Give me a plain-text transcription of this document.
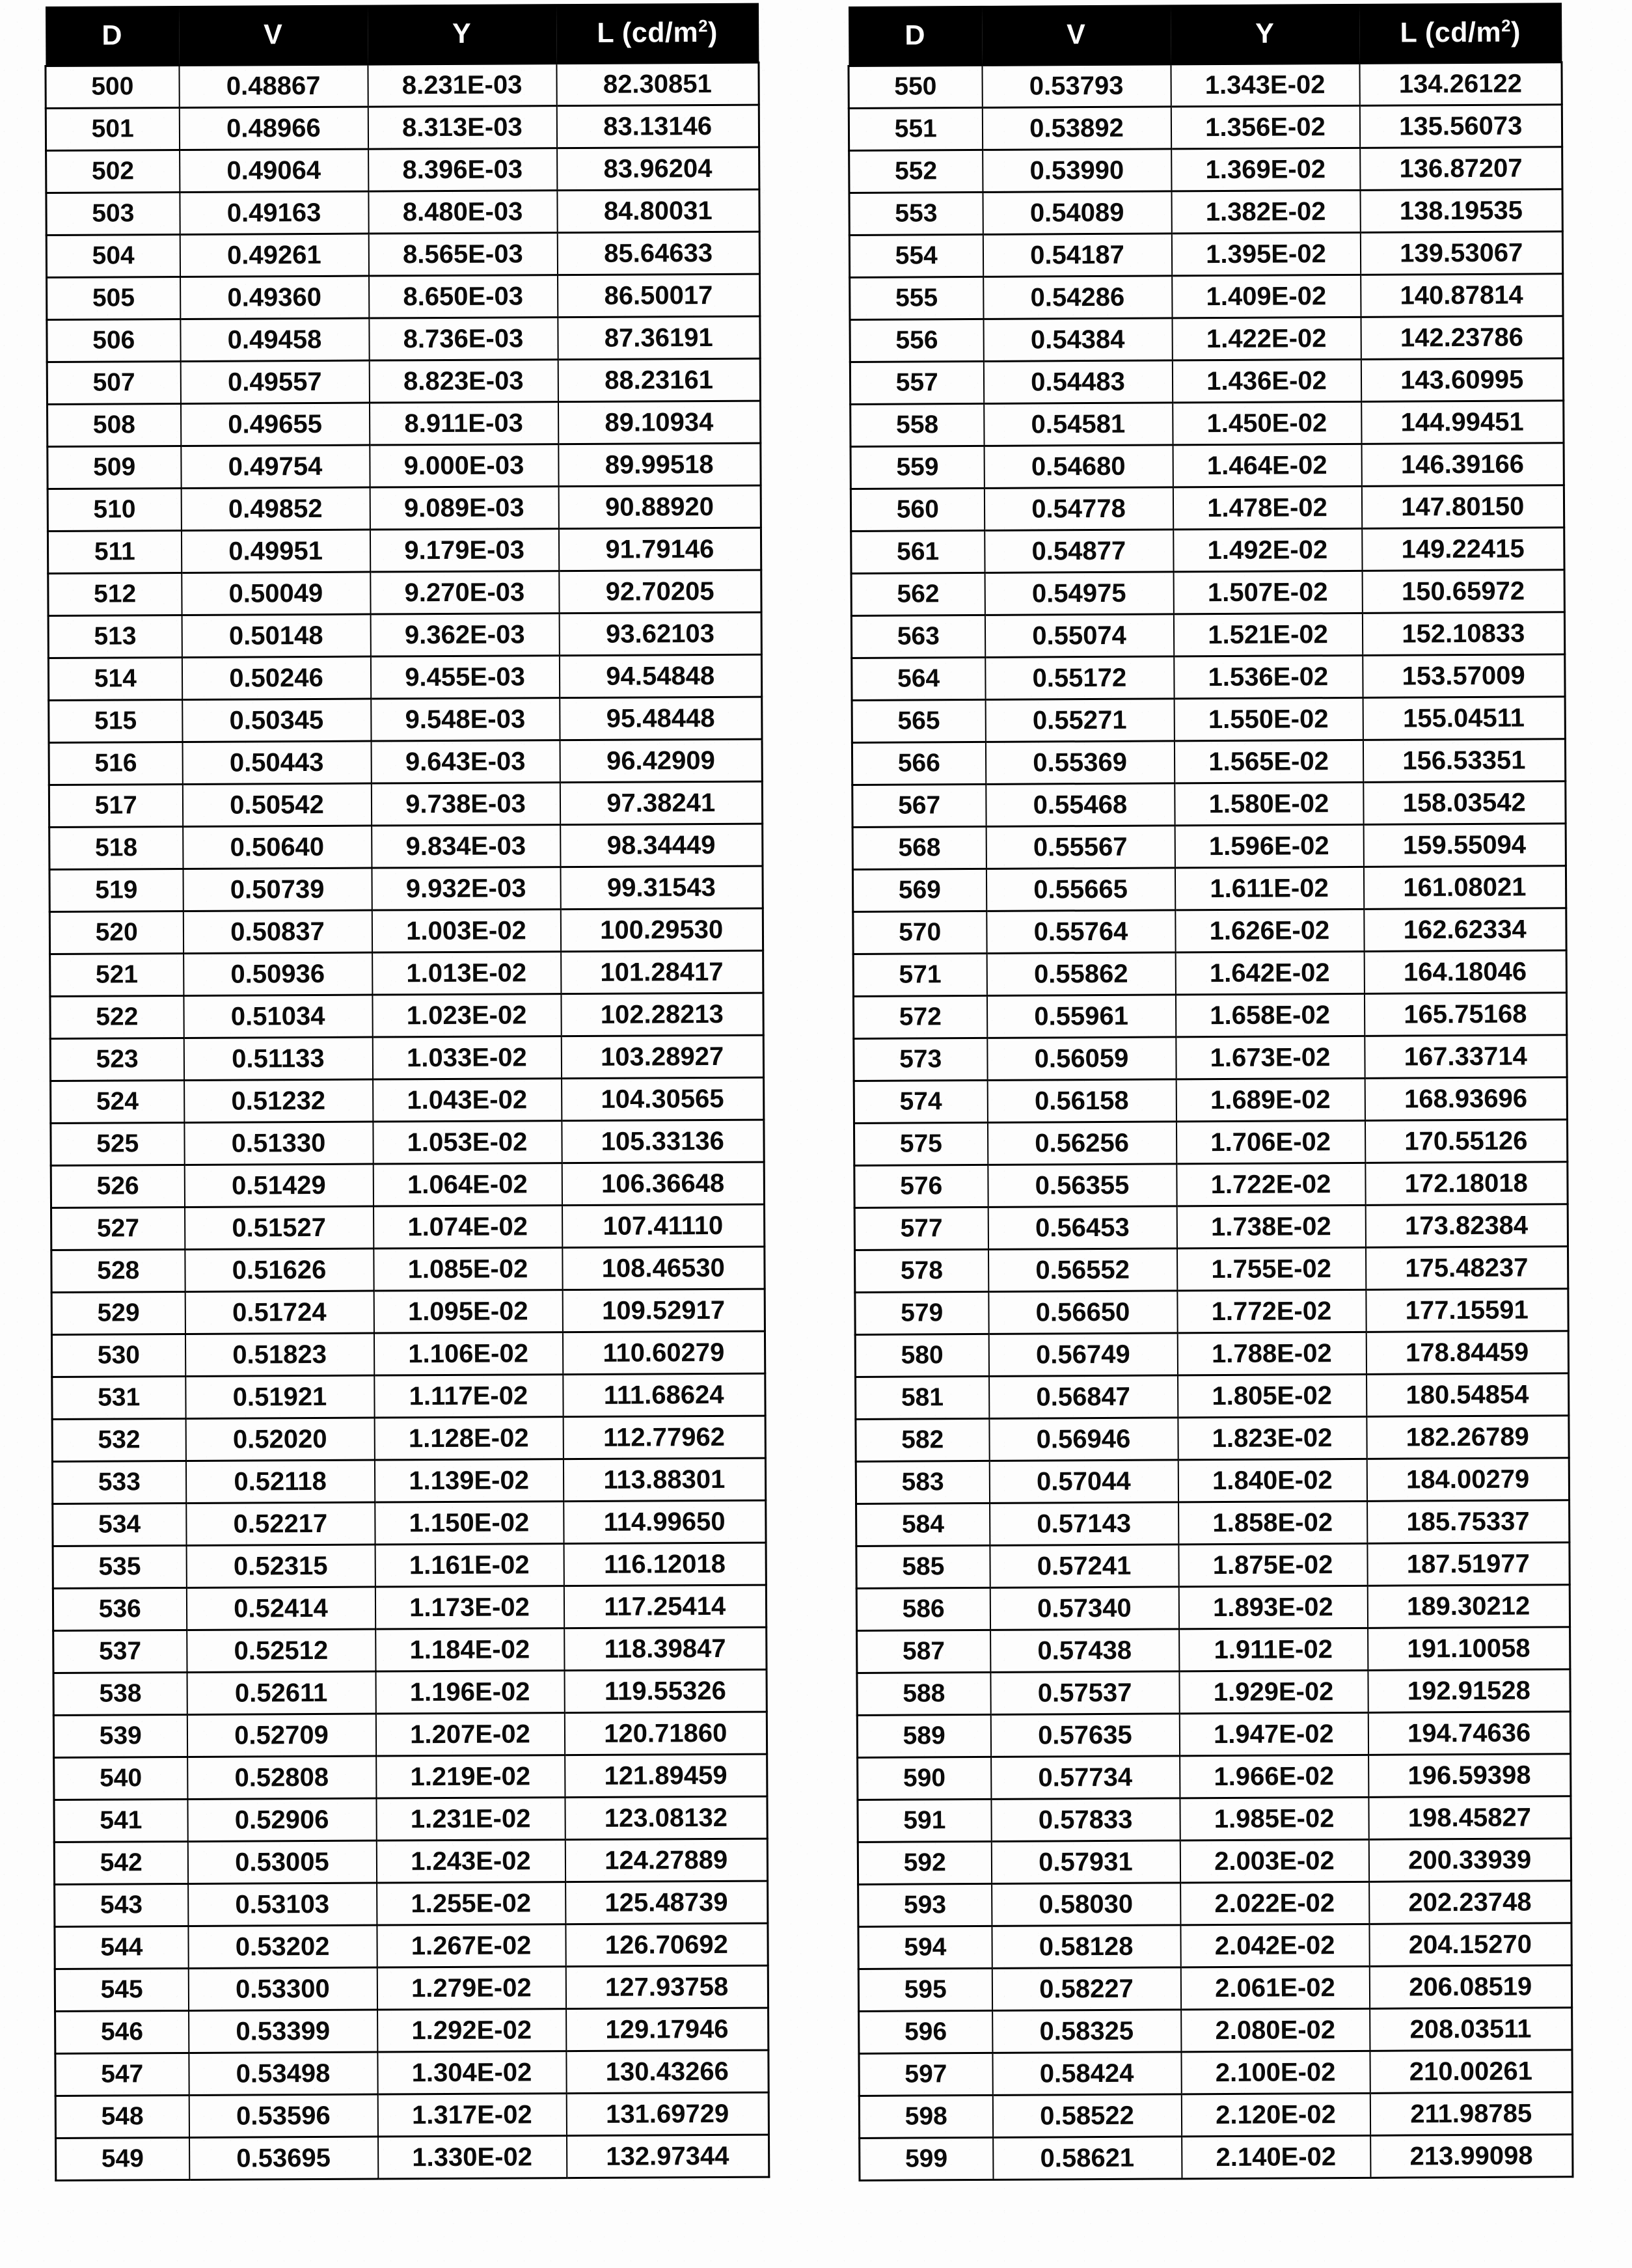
D	V	Y	L $(cd/m^2)$
500	0.48867	8.231E-03	82.30851
501	0.48966	8.313E-03	83.13146
502	0.49064	8.396E-03	83.96204
503	0.49163	8.480E-03	84.80031
504	0.49261	8.565E-03	85.64633
505	0.49360	8.650E-03	86.50017
506	0.49458	8.736E-03	87.36191
507	0.49557	8.823E-03	88.23161
508	0.49655	8.911E-03	89.10934
509	0.49754	9.000E-03	89.99518
510	0.49852	9.089E-03	90.88920
511	0.49951	9.179E-03	91.79146
512	0.50049	9.270E-03	92.70205
513	0.50148	9.362E-03	93.62103
514	0.50246	9.455E-03	94.54848
515	0.50345	9.548E-03	95.48448
516	0.50443	9.643E-03	96.42909
517	0.50542	9.738E-03	97.38241
518	0.50640	9.834E-03	98.34449
519	0.50739	9.932E-03	99.31543
520	0.50837	1.003E-02	100.29530
521	0.50936	1.013E-02	101.28417
522	0.51034	1.023E-02	102.28213
523	0.51133	1.033E-02	103.28927
524	0.51232	1.043E-02	104.30565
525	0.51330	1.053E-02	105.33136
526	0.51429	1.064E-02	106.36648
527	0.51527	1.074E-02	107.41110
528	0.51626	1.085E-02	108.46530
529	0.51724	1.095E-02	109.52917
530	0.51823	1.106E-02	110.60279
531	0.51921	1.117E-02	111.68624
532	0.52020	1.128E-02	112.77962
533	0.52118	1.139E-02	113.88301
534	0.52217	1.150E-02	114.99650
535	0.52315	1.161E-02	116.12018
536	0.52414	1.173E-02	117.25414
537	0.52512	1.184E-02	118.39847
538	0.52611	1.196E-02	119.55326
539	0.52709	1.207E-02	120.71860
540	0.52808	1.219E-02	121.89459
541	0.52906	1.231E-02	123.08132
542	0.53005	1.243E-02	124.27889
543	0.53103	1.255E-02	125.48739
544	0.53202	1.267E-02	126.70692
545	0.53300	1.279E-02	127.93758
546	0.53399	1.292E-02	129.17946
547	0.53498	1.304E-02	130.43266
548	0.53596	1.317E-02	131.69729
549	0.53695	1.330E-02	132.97344
D	V	Y	L $(cd/m^2)$
550	0.53793	1.343E-02	134.26122
551	0.53892	1.356E-02	135.56073
552	0.53990	1.369E-02	136.87207
553	0.54089	1.382E-02	138.19535
554	0.54187	1.395E-02	139.53067
555	0.54286	1.409E-02	140.87814
556	0.54384	1.422E-02	142.23786
557	0.54483	1.436E-02	143.60995
558	0.54581	1.450E-02	144.99451
559	0.54680	1.464E-02	146.39166
560	0.54778	1.478E-02	147.80150
561	0.54877	1.492E-02	149.22415
562	0.54975	1.507E-02	150.65972
563	0.55074	1.521E-02	152.10833
564	0.55172	1.536E-02	153.57009
565	0.55271	1.550E-02	155.04511
566	0.55369	1.565E-02	156.53351
567	0.55468	1.580E-02	158.03542
568	0.55567	1.596E-02	159.55094
569	0.55665	1.611E-02	161.08021
570	0.55764	1.626E-02	162.62334
571	0.55862	1.642E-02	164.18046
572	0.55961	1.658E-02	165.75168
573	0.56059	1.673E-02	167.33714
574	0.56158	1.689E-02	168.93696
575	0.56256	1.706E-02	170.55126
576	0.56355	1.722E-02	172.18018
577	0.56453	1.738E-02	173.82384
578	0.56552	1.755E-02	175.48237
579	0.56650	1.772E-02	177.15591
580	0.56749	1.788E-02	178.84459
581	0.56847	1.805E-02	180.54854
582	0.56946	1.823E-02	182.26789
583	0.57044	1.840E-02	184.00279
584	0.57143	1.858E-02	185.75337
585	0.57241	1.875E-02	187.51977
586	0.57340	1.893E-02	189.30212
587	0.57438	1.911E-02	191.10058
588	0.57537	1.929E-02	192.91528
589	0.57635	1.947E-02	194.74636
590	0.57734	1.966E-02	196.59398
591	0.57833	1.985E-02	198.45827
592	0.57931	2.003E-02	200.33939
593	0.58030	2.022E-02	202.23748
594	0.58128	2.042E-02	204.15270
595	0.58227	2.061E-02	206.08519
596	0.58325	2.080E-02	208.03511
597	0.58424	2.100E-02	210.00261
598	0.58522	2.120E-02	211.98785
599	0.58621	2.140E-02	213.99098
